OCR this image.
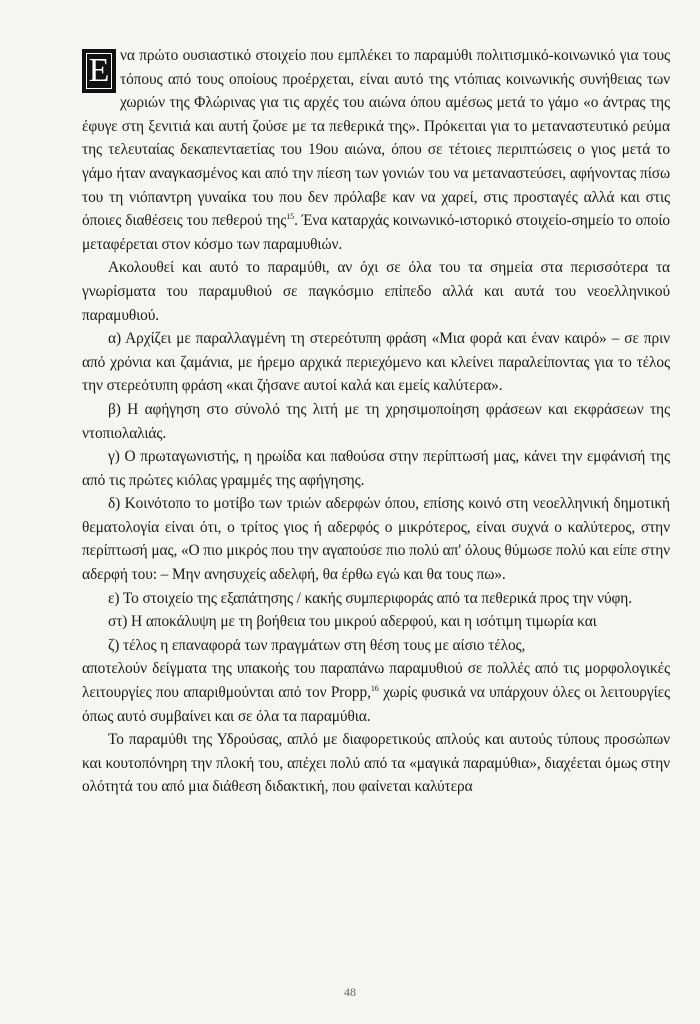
Ε να πρώτο ουσιαστικό στοιχείο που εμπλέκει το παραμύθι πολιτισμικό-κοινωνικό για τους τόπους από τους οποίους προέρχεται, είναι αυτό της ντόπιας κοινωνικής συνήθειας των χωριών της Φλώρινας για τις αρχές του αιώνα όπου αμέσως μετά το γάμο «ο άντρας της έφυγε στη ξενιτιά και αυτή ζούσε με τα πεθερικά της». Πρόκειται για το μεταναστευτικό ρεύμα της τελευταίας δεκαπενταετίας του 19ου αιώνα, όπου σε τέτοιες περιπτώσεις ο γιος μετά το γάμο ήταν αναγκασμένος και από την πίεση των γονιών του να μεταναστεύσει, αφήνοντας πίσω του τη νιόπαντρη γυναίκα του που δεν πρόλαβε καν να χαρεί, στις προσταγές αλλά και στις όποιες διαθέσεις του πεθερού της$^{15}$. Ένα καταρχάς κοινωνικό-ιστορικό στοιχείο-σημείο το οποίο μεταφέρεται στον κόσμο των παραμυθιών.

Ακολουθεί και αυτό το παραμύθι, αν όχι σε όλα του τα σημεία στα περισσότερα τα γνωρίσματα του παραμυθιού σε παγκόσμιο επίπεδο αλλά και αυτά του νεοελληνικού παραμυθιού.

α) Αρχίζει με παραλλαγμένη τη στερεότυπη φράση «Μια φορά και έναν καιρό» – σε πριν από χρόνια και ζαμάνια, με ήρεμο αρχικά περιεχόμενο και κλείνει παραλείποντας για το τέλος την στερεότυπη φράση «και ζήσανε αυτοί καλά και εμείς καλύτερα».

β) Η αφήγηση στο σύνολό της λιτή με τη χρησιμοποίηση φράσεων και εκφράσεων της ντοπιολαλιάς.

γ) Ο πρωταγωνιστής, η ηρωίδα και παθούσα στην περίπτωσή μας, κάνει την εμφάνισή της από τις πρώτες κιόλας γραμμές της αφήγησης.

δ) Κοινότοπο το μοτίβο των τριών αδερφών όπου, επίσης κοινό στη νεοελληνική δημοτική θεματολογία είναι ότι, ο τρίτος γιος ή αδερφός ο μικρότερος, είναι συχνά ο καλύτερος, στην περίπτωσή μας, «Ο πιο μικρός που την αγαπούσε πιο πολύ απ' όλους θύμωσε πολύ και είπε στην αδερφή του: – Μην ανησυχείς αδελφή, θα έρθω εγώ και θα τους πω».

ε) Το στοιχείο της εξαπάτησης / κακής συμπεριφοράς από τα πεθερικά προς την νύφη.

στ) Η αποκάλυψη με τη βοήθεια του μικρού αδερφού, και η ισότιμη τιμωρία και

ζ) τέλος η επαναφορά των πραγμάτων στη θέση τους με αίσιο τέλος,

αποτελούν δείγματα της υπακοής του παραπάνω παραμυθιού σε πολλές από τις μορφολογικές λειτουργίες που απαριθμούνται από τον Propp,$^{16}$ χωρίς φυσικά να υπάρχουν όλες οι λειτουργίες όπως αυτό συμβαίνει και σε όλα τα παραμύθια.

Το παραμύθι της Υδρούσας, απλό με διαφορετικούς απλούς και αυτούς τύπους προσώπων και κουτοπόνηρη την πλοκή του, απέχει πολύ από τα «μαγικά παραμύθια», διαχέεται όμως στην ολότητά του από μια διάθεση διδακτική, που φαίνεται καλύτερα

48
